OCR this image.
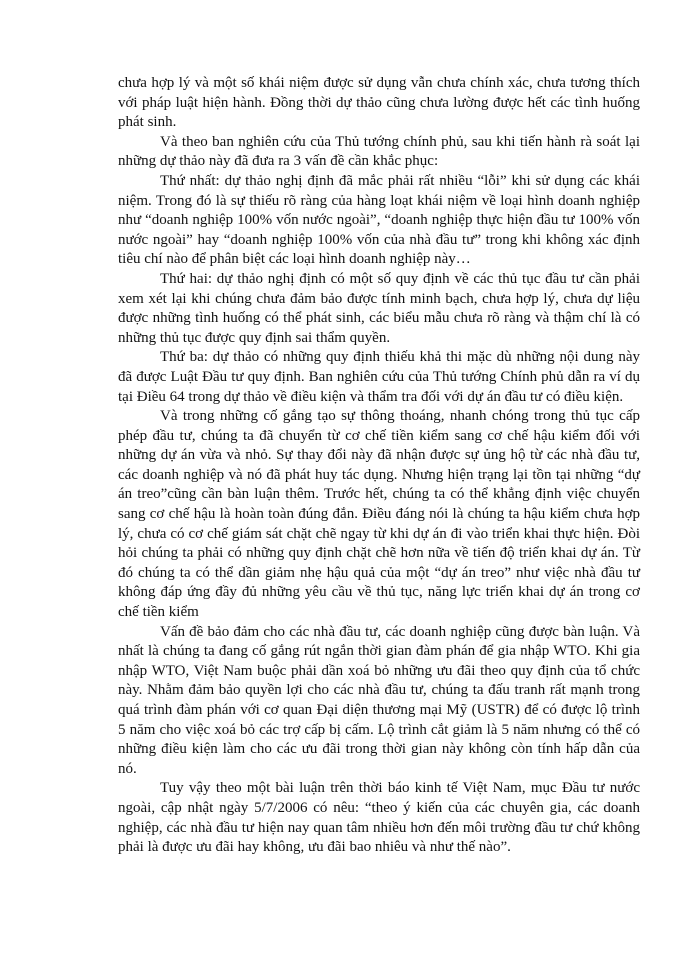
chưa hợp lý và một số khái niệm được sử dụng vẫn chưa chính xác, chưa tương thích với pháp luật hiện hành. Đồng thời dự thảo cũng chưa lường được hết các tình huống phát sinh.

Và theo ban nghiên cứu của Thủ tướng chính phủ, sau khi tiến hành rà soát lại những dự thảo này đã đưa ra 3 vấn đề cần khắc phục:

Thứ nhất: dự thảo nghị định đã mắc phải rất nhiều “lỗi” khi sử dụng các khái niệm. Trong đó là sự thiếu rõ ràng của hàng loạt khái niệm về loại hình doanh nghiệp như “doanh nghiệp 100% vốn nước ngoài”, “doanh nghiệp thực hiện đầu tư 100% vốn nước ngoài” hay “doanh nghiệp 100% vốn của nhà đầu tư” trong khi không xác định tiêu chí nào để phân biệt các loại hình doanh nghiệp này…

Thứ hai: dự thảo nghị định có một số quy định về các thủ tục đầu tư cần phải xem xét lại khi chúng chưa đảm bảo được tính minh bạch, chưa hợp lý, chưa dự liệu được những tình huống có thể phát sinh, các biểu mẫu chưa rõ ràng và thậm chí là có những thủ tục được quy định sai thẩm quyền.

Thứ ba: dự thảo có những quy định thiếu khả thi mặc dù những nội dung này đã được Luật Đầu tư quy định. Ban nghiên cứu của Thủ tướng Chính phủ dẫn ra ví dụ tại Điều 64 trong dự thảo về điều kiện và thẩm tra đối với dự án đầu tư có điều kiện.

Và trong những cố gắng tạo sự thông thoáng, nhanh chóng trong thủ tục cấp phép đầu tư, chúng ta đã chuyển từ cơ chế tiền kiểm sang cơ chế hậu kiểm đối với những dự án vừa và nhỏ. Sự thay đổi này đã nhận được sự ủng hộ từ các nhà đầu tư, các doanh nghiệp và nó đã phát huy tác dụng. Nhưng hiện trạng lại tồn tại những “dự án treo”cũng cần bàn luận thêm. Trước hết, chúng ta có thể khẳng định việc chuyển sang cơ chế hậu là hoàn toàn đúng đắn. Điều đáng nói là chúng ta hậu kiểm chưa hợp lý, chưa có cơ chế giám sát chặt chẽ ngay từ khi dự án đi vào triển khai thực hiện. Đòi hỏi chúng ta phải có những quy định chặt chẽ hơn nữa về tiến độ triển khai dự án. Từ đó chúng ta có thể dần giảm nhẹ hậu quả của một “dự án treo” như việc nhà đầu tư không đáp ứng đầy đủ những yêu cầu về thủ tục, năng lực triển khai dự án trong cơ chế tiền kiểm

Vấn đề bảo đảm cho các nhà đầu tư, các doanh nghiệp cũng được bàn luận. Và nhất là chúng ta đang cố gắng rút ngắn thời gian đàm phán để gia nhập WTO. Khi gia nhập WTO, Việt Nam buộc phải dần xoá bỏ những ưu đãi theo quy định của tổ chức này. Nhằm đảm bảo quyền lợi cho các nhà đầu tư, chúng ta đấu tranh rất mạnh trong quá trình đàm phán với cơ quan Đại diện thương mại Mỹ (USTR) để có được lộ trình 5 năm cho việc xoá bỏ các trợ cấp bị cấm. Lộ trình cắt giảm là 5 năm nhưng có thể có những điều kiện làm cho các ưu đãi trong thời gian này không còn tính hấp dẫn của nó.

Tuy vậy theo một bài luận trên thời báo kinh tế Việt Nam, mục Đầu tư nước ngoài, cập nhật ngày 5/7/2006 có nêu: “theo ý kiến của các chuyên gia, các doanh nghiệp, các nhà đầu tư hiện nay quan tâm nhiều hơn đến môi trường đầu tư chứ không phải là được ưu đãi hay không, ưu đãi bao nhiêu và như thế nào”.
